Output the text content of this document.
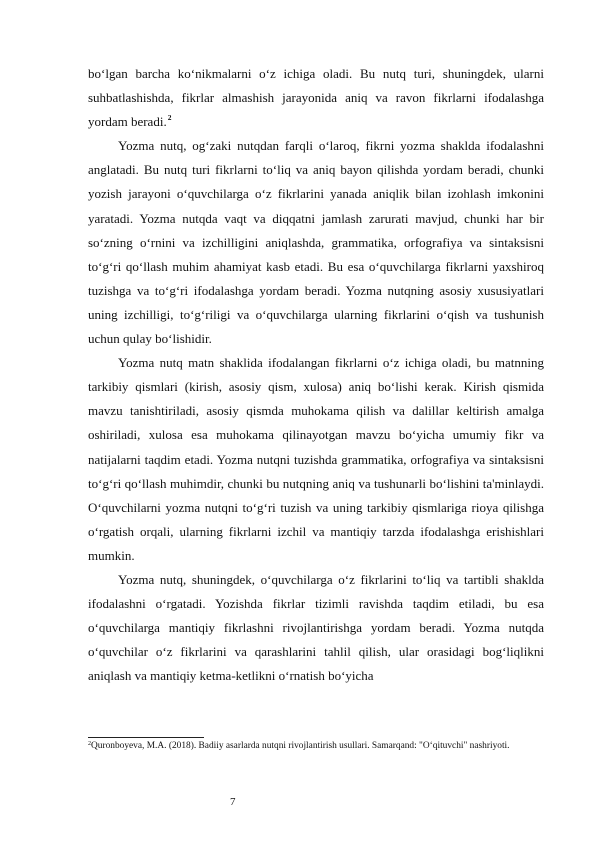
bo‘lgan barcha ko‘nikmalarni o‘z ichiga oladi. Bu nutq turi, shuningdek, ularni suhbatlashishda, fikrlar almashish jarayonida aniq va ravon fikrlarni ifodalashga yordam beradi.$^2$

Yozma nutq, og‘zaki nutqdan farqli o‘laroq, fikrni yozma shaklda ifodalashni anglatadi. Bu nutq turi fikrlarni to‘liq va aniq bayon qilishda yordam beradi, chunki yozish jarayoni o‘quvchilarga o‘z fikrlarini yanada aniqlik bilan izohlash imkonini yaratadi. Yozma nutqda vaqt va diqqatni jamlash zarurati mavjud, chunki har bir so‘zning o‘rnini va izchilligini aniqlashda, grammatika, orfografiya va sintaksisni to‘g‘ri qo‘llash muhim ahamiyat kasb etadi. Bu esa o‘quvchilarga fikrlarni yaxshiroq tuzishga va to‘g‘ri ifodalashga yordam beradi. Yozma nutqning asosiy xususiyatlari uning izchilligi, to‘g‘riligi va o‘quvchilarga ularning fikrlarini o‘qish va tushunish uchun qulay bo‘lishidir.

Yozma nutq matn shaklida ifodalangan fikrlarni o‘z ichiga oladi, bu matnning tarkibiy qismlari (kirish, asosiy qism, xulosa) aniq bo‘lishi kerak. Kirish qismida mavzu tanishtiriladi, asosiy qismda muhokama qilish va dalillar keltirish amalga oshiriladi, xulosa esa muhokama qilinayotgan mavzu bo‘yicha umumiy fikr va natijalarni taqdim etadi. Yozma nutqni tuzishda grammatika, orfografiya va sintaksisni to‘g‘ri qo‘llash muhimdir, chunki bu nutqning aniq va tushunarli bo‘lishini ta'minlaydi. O‘quvchilarni yozma nutqni to‘g‘ri tuzish va uning tarkibiy qismlariga rioya qilishga o‘rgatish orqali, ularning fikrlarni izchil va mantiqiy tarzda ifodalashga erishishlari mumkin.

Yozma nutq, shuningdek, o‘quvchilarga o‘z fikrlarini to‘liq va tartibli shaklda ifodalashni o‘rgatadi. Yozishda fikrlar tizimli ravishda taqdim etiladi, bu esa o‘quvchilarga mantiqiy fikrlashni rivojlantirishga yordam beradi. Yozma nutqda o‘quvchilar o‘z fikrlarini va qarashlarini tahlil qilish, ular orasidagi bog‘liqlikni aniqlash va mantiqiy ketma-ketlikni o‘rnatish bo‘yicha

$^2$Quronboyeva, M.A. (2018). Badiiy asarlarda nutqni rivojlantirish usullari. Samarqand: "O‘qituvchi" nashriyoti.
7
